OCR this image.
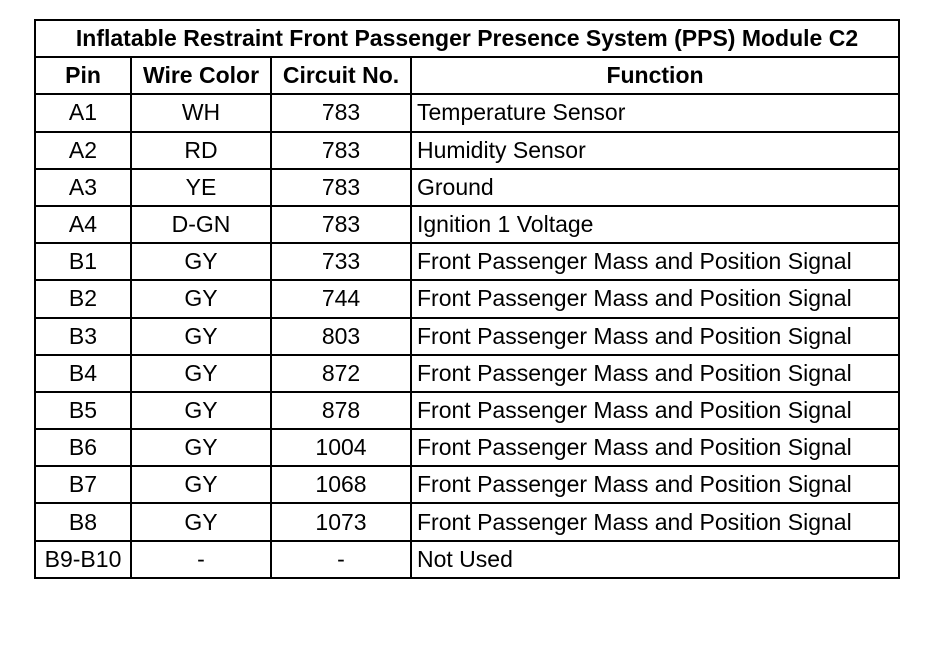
Inflatable Restraint Front Passenger Presence System (PPS) Module C2			
Pin	Wire Color	Circuit No.	Function
A1	WH	783	Temperature Sensor
A2	RD	783	Humidity Sensor
A3	YE	783	Ground
A4	D-GN	783	Ignition 1 Voltage
B1	GY	733	Front Passenger Mass and Position Signal
B2	GY	744	Front Passenger Mass and Position Signal
B3	GY	803	Front Passenger Mass and Position Signal
B4	GY	872	Front Passenger Mass and Position Signal
B5	GY	878	Front Passenger Mass and Position Signal
B6	GY	1004	Front Passenger Mass and Position Signal
B7	GY	1068	Front Passenger Mass and Position Signal
B8	GY	1073	Front Passenger Mass and Position Signal
B9-B10	-	-	Not Used
